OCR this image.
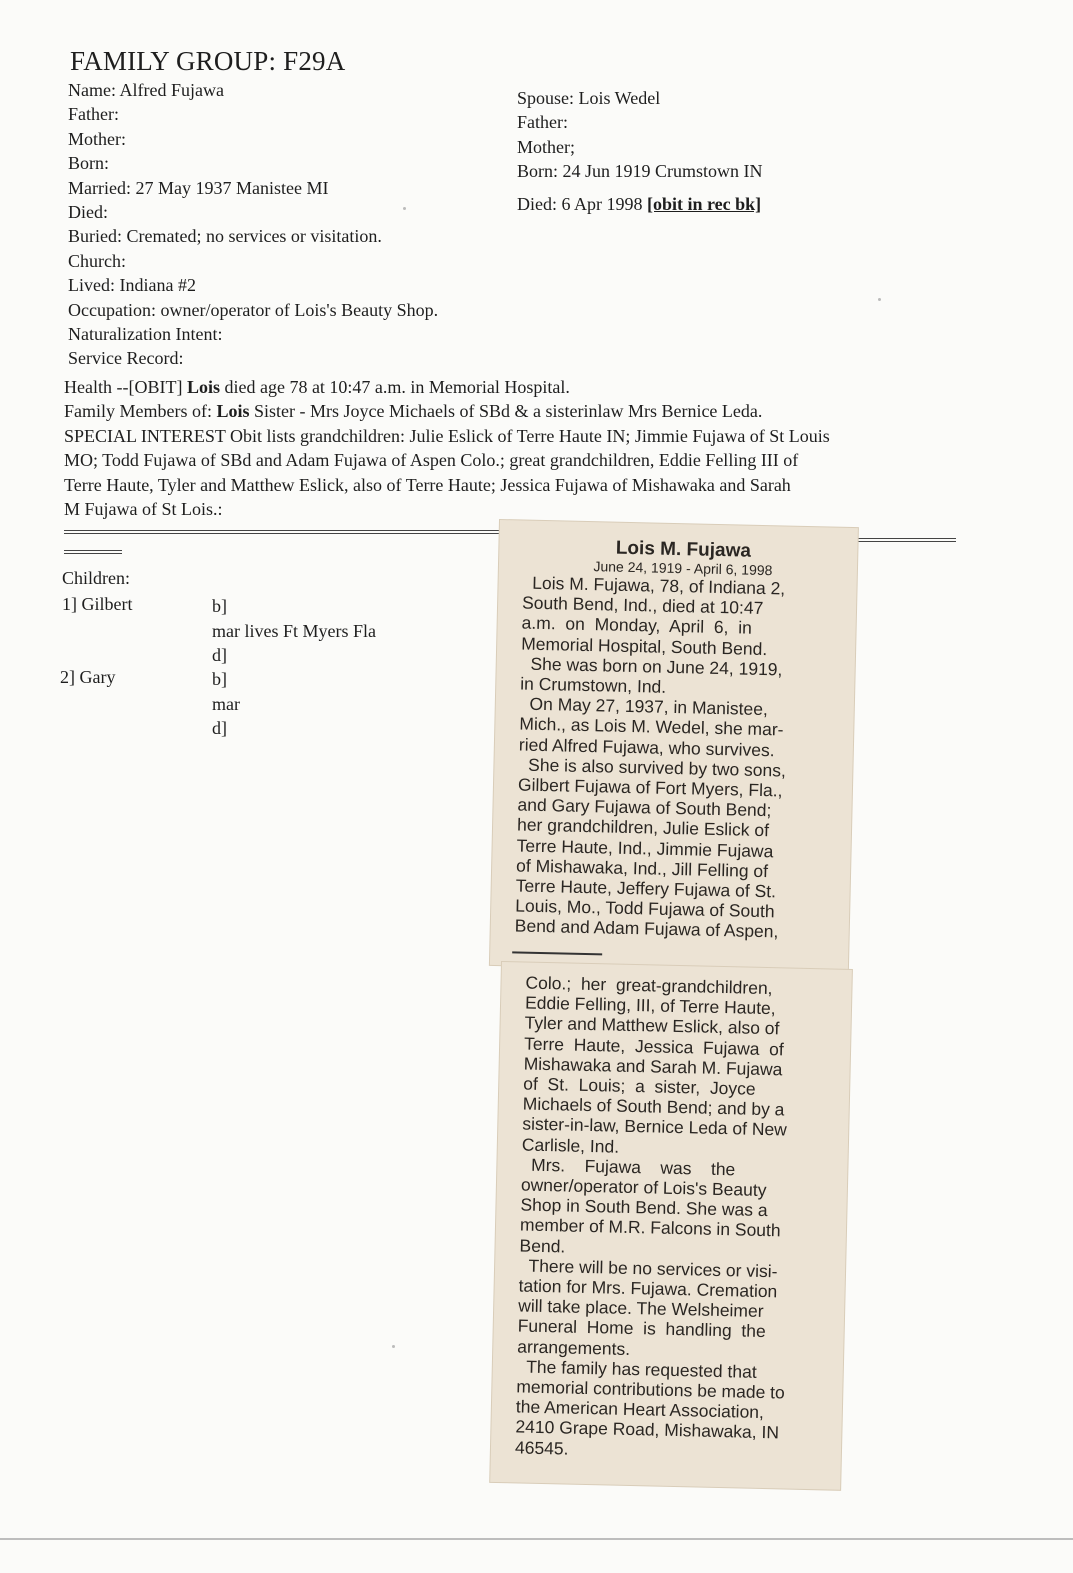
FAMILY GROUP: F29A
Name: Alfred Fujawa
Father:
Mother:
Born:
Married: 27 May 1937 Manistee MI
Died:
Buried: Cremated; no services or visitation.
Church:
Lived: Indiana #2
Occupation: owner/operator of Lois's Beauty Shop.
Naturalization Intent:
Service Record:
Spouse: Lois Wedel
Father:
Mother;
Born: 24 Jun 1919 Crumstown IN
Died: 6 Apr 1998 [obit in rec bk]
Health --[OBIT] Lois died age 78 at 10:47 a.m. in Memorial Hospital.
Family Members of: Lois Sister - Mrs Joyce Michaels of SBd & a sisterinlaw Mrs Bernice Leda.
SPECIAL INTEREST Obit lists grandchildren: Julie Eslick of Terre Haute IN; Jimmie Fujawa of St Louis
MO; Todd Fujawa of SBd and Adam Fujawa of Aspen Colo.; great grandchildren, Eddie Felling III of
Terre Haute, Tyler and Matthew Eslick, also of Terre Haute; Jessica Fujawa of Mishawaka and Sarah
M Fujawa of St Lois.:
Children:
1] Gilbert	b]
mar lives Ft Myers Fla
d]
2] Gary	b]
mar
d]
Lois M. Fujawa
June 24, 1919 - April 6, 1998
Lois M. Fujawa, 78, of Indiana 2,
South Bend, Ind., died at 10:47
a.m.  on  Monday,  April  6,  in
Memorial Hospital, South Bend.
She was born on June 24, 1919,
in Crumstown, Ind.
On May 27, 1937, in Manistee,
Mich., as Lois M. Wedel, she mar-
ried Alfred Fujawa, who survives.
She is also survived by two sons,
Gilbert Fujawa of Fort Myers, Fla.,
and Gary Fujawa of South Bend;
her grandchildren, Julie Eslick of
Terre Haute, Ind., Jimmie Fujawa
of Mishawaka, Ind., Jill Felling of
Terre Haute, Jeffery Fujawa of St.
Louis, Mo., Todd Fujawa of South
Bend and Adam Fujawa of Aspen,
Colo.;  her  great-grandchildren,
Eddie Felling, III, of Terre Haute,
Tyler and Matthew Eslick, also of
Terre  Haute,  Jessica  Fujawa  of
Mishawaka and Sarah M. Fujawa
of  St.  Louis;  a  sister,  Joyce
Michaels of South Bend; and by a
sister-in-law, Bernice Leda of New
Carlisle, Ind.
Mrs.    Fujawa    was    the
owner/operator of Lois's Beauty
Shop in South Bend. She was a
member of M.R. Falcons in South
Bend.
There will be no services or visi-
tation for Mrs. Fujawa. Cremation
will take place. The Welsheimer
Funeral  Home  is  handling  the
arrangements.
The family has requested that
memorial contributions be made to
the American Heart Association,
2410 Grape Road, Mishawaka, IN
46545.
